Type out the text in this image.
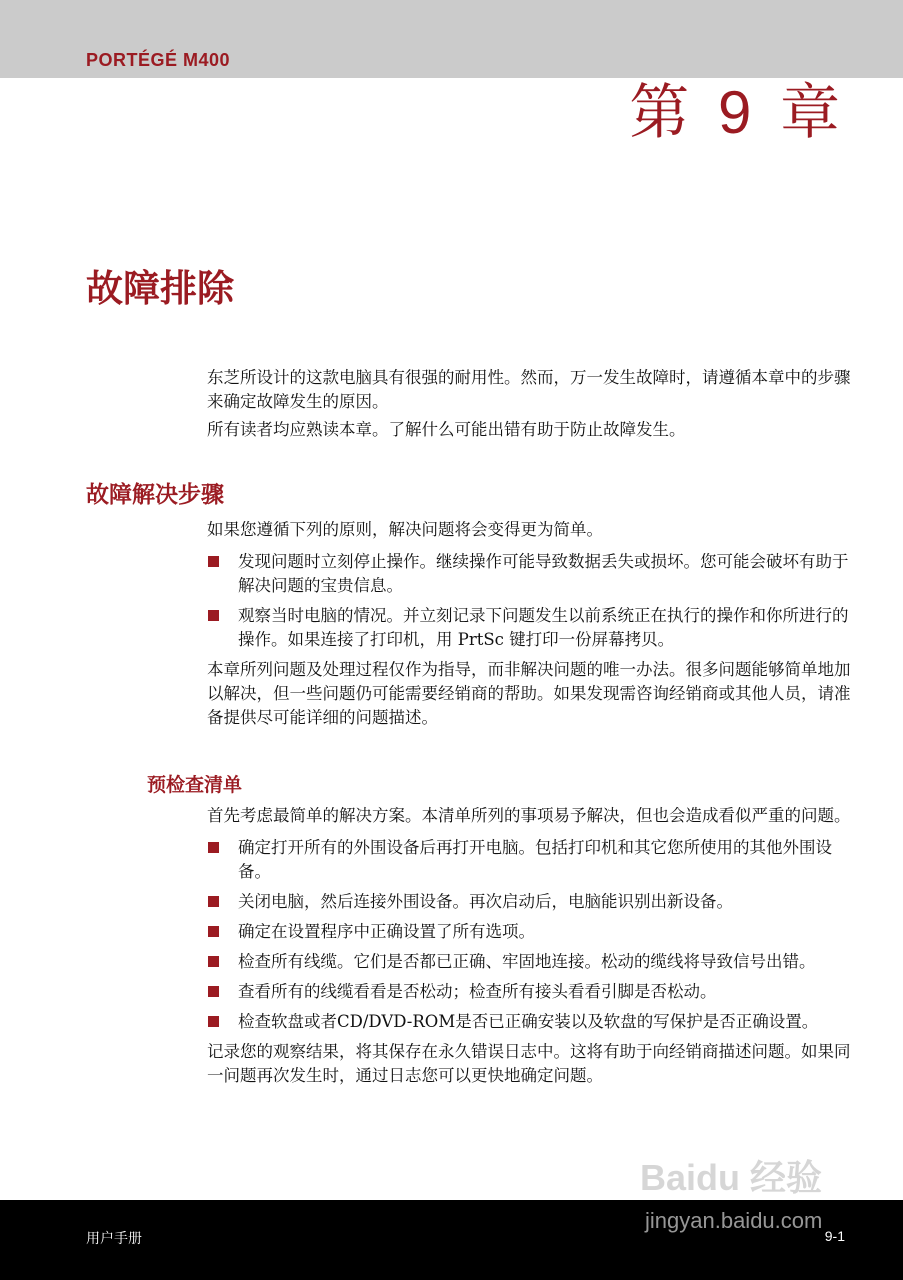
PORTÉGÉ M400
第 9 章
故障排除

东芝所设计的这款电脑具有很强的耐用性。然而，万一发生故障时，请遵循本章中的步骤来确定故障发生的原因。

所有读者均应熟读本章。了解什么可能出错有助于防止故障发生。

故障解决步骤

如果您遵循下列的原则，解决问题将会变得更为简单。

发现问题时立刻停止操作。继续操作可能导致数据丢失或损坏。您可能会破坏有助于解决问题的宝贵信息。
观察当时电脑的情况。并立刻记录下问题发生以前系统正在执行的操作和你所进行的操作。如果连接了打印机，用 PrtSc 键打印一份屏幕拷贝。

本章所列问题及处理过程仅作为指导，而非解决问题的唯一办法。很多问题能够简单地加以解决，但一些问题仍可能需要经销商的帮助。如果发现需咨询经销商或其他人员，请准备提供尽可能详细的问题描述。

预检查清单

首先考虑最简单的解决方案。本清单所列的事项易予解决，但也会造成看似严重的问题。

确定打开所有的外围设备后再打开电脑。包括打印机和其它您所使用的其他外围设备。
关闭电脑，然后连接外围设备。再次启动后，电脑能识别出新设备。
确定在设置程序中正确设置了所有选项。
检查所有线缆。它们是否都已正确、牢固地连接。松动的缆线将导致信号出错。
查看所有的线缆看看是否松动；检查所有接头看看引脚是否松动。
检查软盘或者CD/DVD-ROM是否已正确安装以及软盘的写保护是否正确设置。

记录您的观察结果，将其保存在永久错误日志中。这将有助于向经销商描述问题。如果同一问题再次发生时，通过日志您可以更快地确定问题。

用户手册	9-1
Baidu 经验
jingyan.baidu.com
